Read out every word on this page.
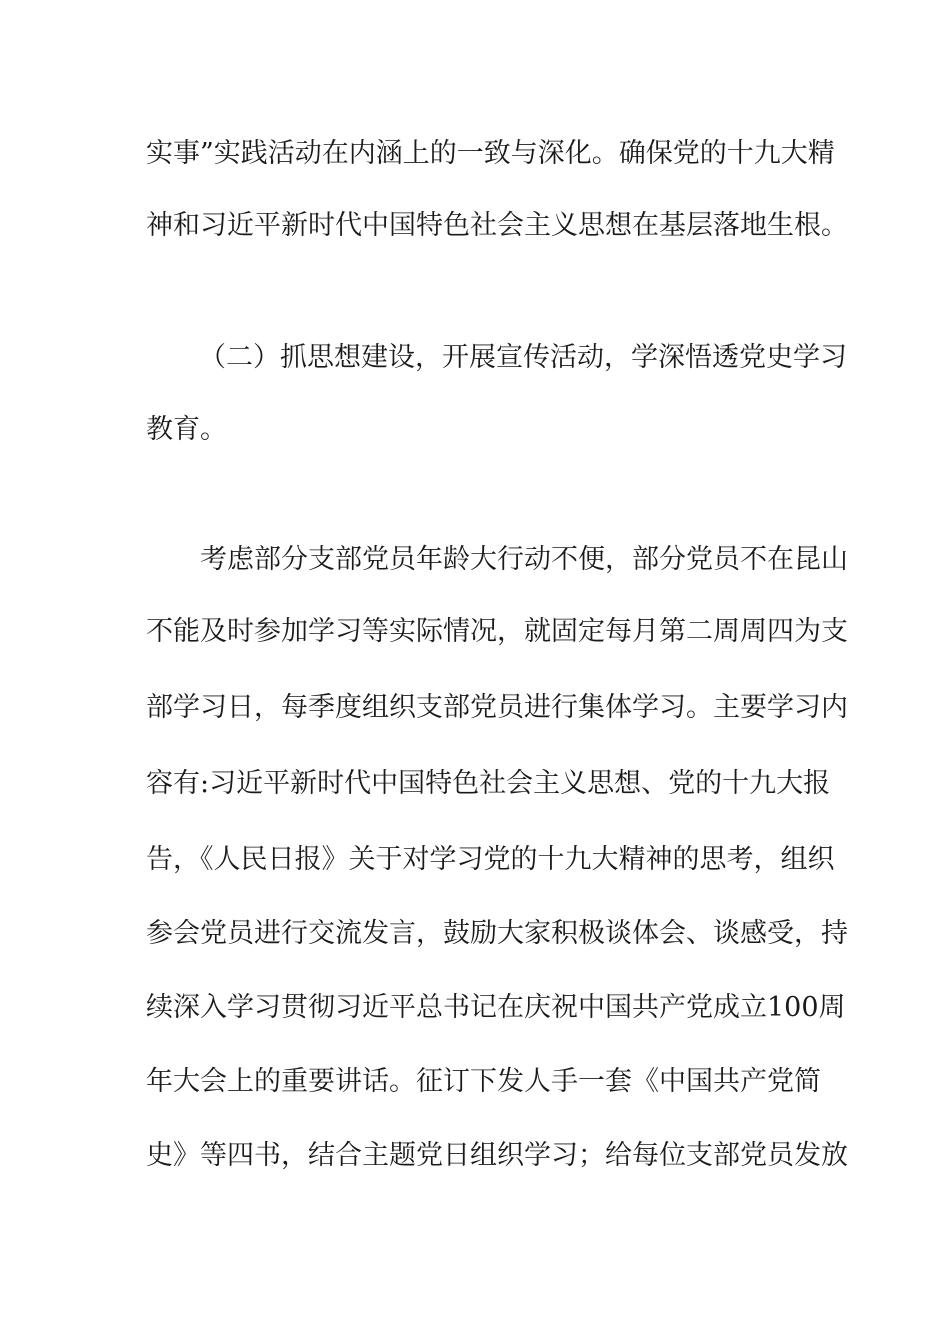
实事”实践活动在内涵上的一致与深化。确保党的十九大精
神和习近平新时代中国特色社会主义思想在基层落地生根。
（二）抓思想建设，开展宣传活动，学深悟透党史学习
教育。
　　考虑部分支部党员年龄大行动不便，部分党员不在昆山
不能及时参加学习等实际情况，就固定每月第二周周四为支
部学习日，每季度组织支部党员进行集体学习。主要学习内
容有:习近平新时代中国特色社会主义思想、党的十九大报
告，《人民日报》关于对学习党的十九大精神的思考，组织
参会党员进行交流发言，鼓励大家积极谈体会、谈感受，持
续深入学习贯彻习近平总书记在庆祝中国共产党成立100周
年大会上的重要讲话。征订下发人手一套《中国共产党简
史》等四书，结合主题党日组织学习；给每位支部党员发放
